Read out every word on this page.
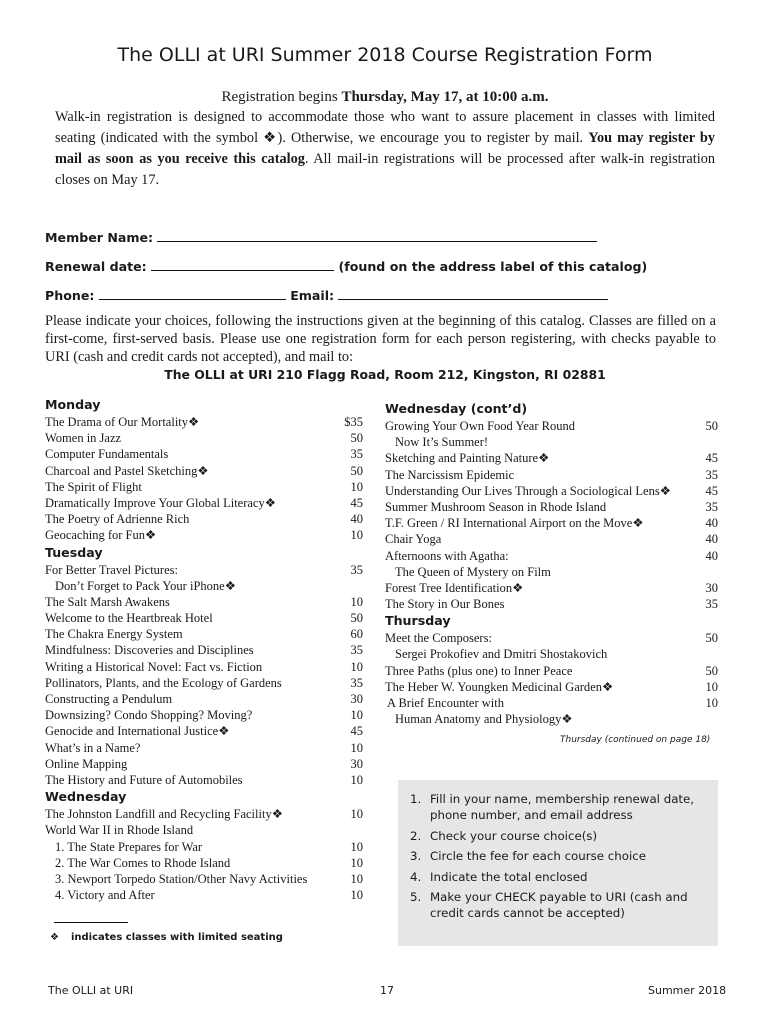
The OLLI at URI Summer 2018 Course Registration Form
Registration begins Thursday, May 17, at 10:00 a.m.
Walk-in registration is designed to accommodate those who want to assure placement in classes with limited seating (indicated with the symbol ❖). Otherwise, we encourage you to register by mail. You may register by mail as soon as you receive this catalog. All mail-in registrations will be processed after walk-in registration closes on May 17.
Member Name:
Renewal date:	(found on the address label of this catalog)
Phone:	Email:
Please indicate your choices, following the instructions given at the beginning of this catalog. Classes are filled on a first-come, first-served basis. Please use one registration form for each person registering, with checks payable to URI (cash and credit cards not accepted), and mail to:
The OLLI at URI 210 Flagg Road, Room 212, Kingston, RI 02881
Monday
The Drama of Our Mortality❖	$35
Women in Jazz	50
Computer Fundamentals	35
Charcoal and Pastel Sketching❖	50
The Spirit of Flight	10
Dramatically Improve Your Global Literacy❖	45
The Poetry of Adrienne Rich	40
Geocaching for Fun❖	10
Tuesday
For Better Travel Pictures:	35
Don’t Forget to Pack Your iPhone❖
The Salt Marsh Awakens	10
Welcome to the Heartbreak Hotel	50
The Chakra Energy System	60
Mindfulness: Discoveries and Disciplines	35
Writing a Historical Novel: Fact vs. Fiction	10
Pollinators, Plants, and the Ecology of Gardens	35
Constructing a Pendulum	30
Downsizing? Condo Shopping? Moving?	10
Genocide and International Justice❖	45
What’s in a Name?	10
Online Mapping	30
The History and Future of Automobiles	10
Wednesday
The Johnston Landfill and Recycling Facility❖	10
World War II in Rhode Island
1. The State Prepares for War	10
2. The War Comes to Rhode Island	10
3. Newport Torpedo Station/Other Navy Activities	10
4. Victory and After	10
Wednesday (cont’d)
Growing Your Own Food Year Round	50
Now It’s Summer!
Sketching and Painting Nature❖	45
The Narcissism Epidemic	35
Understanding Our Lives Through a Sociological Lens❖	45
Summer Mushroom Season in Rhode Island	35
T.F. Green / RI International Airport on the Move❖	40
Chair Yoga	40
Afternoons with Agatha:	40
The Queen of Mystery on Film
Forest Tree Identification❖	30
The Story in Our Bones	35
Thursday
Meet the Composers:	50
Sergei Prokofiev and Dmitri Shostakovich
Three Paths (plus one) to Inner Peace	50
The Heber W. Youngken Medicinal Garden❖	10
A Brief Encounter with	10
Human Anatomy and Physiology❖
Thursday (continued on page 18)
1. Fill in your name, membership renewal date, phone number, and email address
2. Check your course choice(s)
3. Circle the fee for each course choice
4. Indicate the total enclosed
5. Make your CHECK payable to URI (cash and credit cards cannot be accepted)
❖ indicates classes with limited seating
The OLLI at URI	17	Summer 2018
